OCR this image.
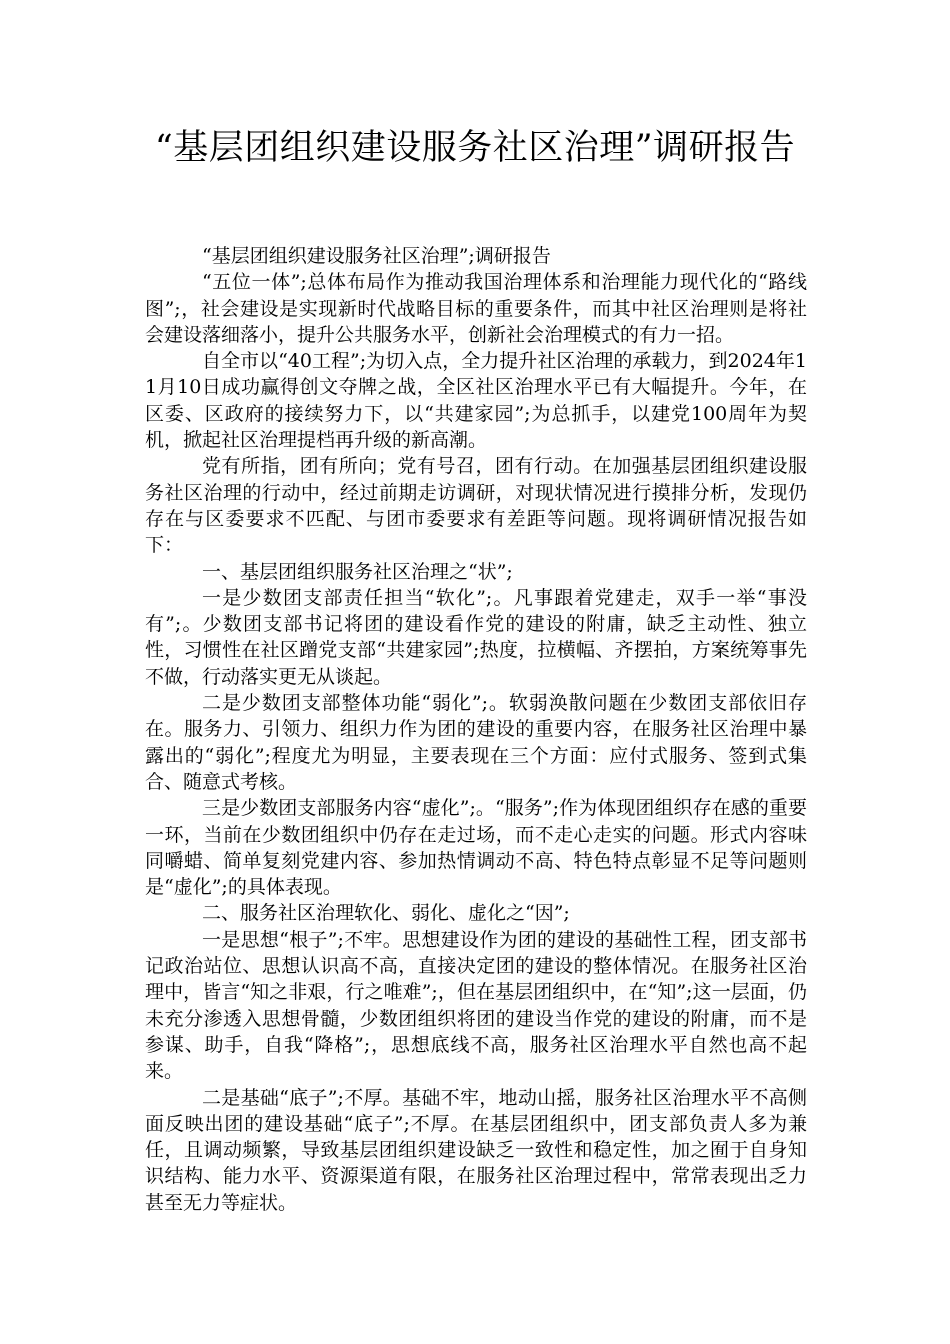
“基层团组织建设服务社区治理”调研报告

“基层团组织建设服务社区治理”;调研报告

“五位一体”;总体布局作为推动我国治理体系和治理能力现代化的“路线图”;，社会建设是实现新时代战略目标的重要条件，而其中社区治理则是将社会建设落细落小，提升公共服务水平，创新社会治理模式的有力一招。

自全市以“40工程”;为切入点，全力提升社区治理的承载力，到2024年11月10日成功赢得创文夺牌之战，全区社区治理水平已有大幅提升。今年，在区委、区政府的接续努力下，以“共建家园”;为总抓手，以建党100周年为契机，掀起社区治理提档再升级的新高潮。

党有所指，团有所向；党有号召，团有行动。在加强基层团组织建设服务社区治理的行动中，经过前期走访调研，对现状情况进行摸排分析，发现仍存在与区委要求不匹配、与团市委要求有差距等问题。现将调研情况报告如下：

一、基层团组织服务社区治理之“状”;

一是少数团支部责任担当“软化”;。凡事跟着党建走，双手一举“事没有”;。少数团支部书记将团的建设看作党的建设的附庸，缺乏主动性、独立性，习惯性在社区蹭党支部“共建家园”;热度，拉横幅、齐摆拍，方案统筹事先不做，行动落实更无从谈起。

二是少数团支部整体功能“弱化”;。软弱涣散问题在少数团支部依旧存在。服务力、引领力、组织力作为团的建设的重要内容，在服务社区治理中暴露出的“弱化”;程度尤为明显，主要表现在三个方面：应付式服务、签到式集合、随意式考核。

三是少数团支部服务内容“虚化”;。“服务”;作为体现团组织存在感的重要一环，当前在少数团组织中仍存在走过场，而不走心走实的问题。形式内容味同嚼蜡、简单复刻党建内容、参加热情调动不高、特色特点彰显不足等问题则是“虚化”;的具体表现。

二、服务社区治理软化、弱化、虚化之“因”;

一是思想“根子”;不牢。思想建设作为团的建设的基础性工程，团支部书记政治站位、思想认识高不高，直接决定团的建设的整体情况。在服务社区治理中，皆言“知之非艰，行之唯难”;，但在基层团组织中，在“知”;这一层面，仍未充分渗透入思想骨髓，少数团组织将团的建设当作党的建设的附庸，而不是参谋、助手，自我“降格”;，思想底线不高，服务社区治理水平自然也高不起来。

二是基础“底子”;不厚。基础不牢，地动山摇，服务社区治理水平不高侧面反映出团的建设基础“底子”;不厚。在基层团组织中，团支部负责人多为兼任，且调动频繁，导致基层团组织建设缺乏一致性和稳定性，加之囿于自身知识结构、能力水平、资源渠道有限，在服务社区治理过程中，常常表现出乏力甚至无力等症状。
